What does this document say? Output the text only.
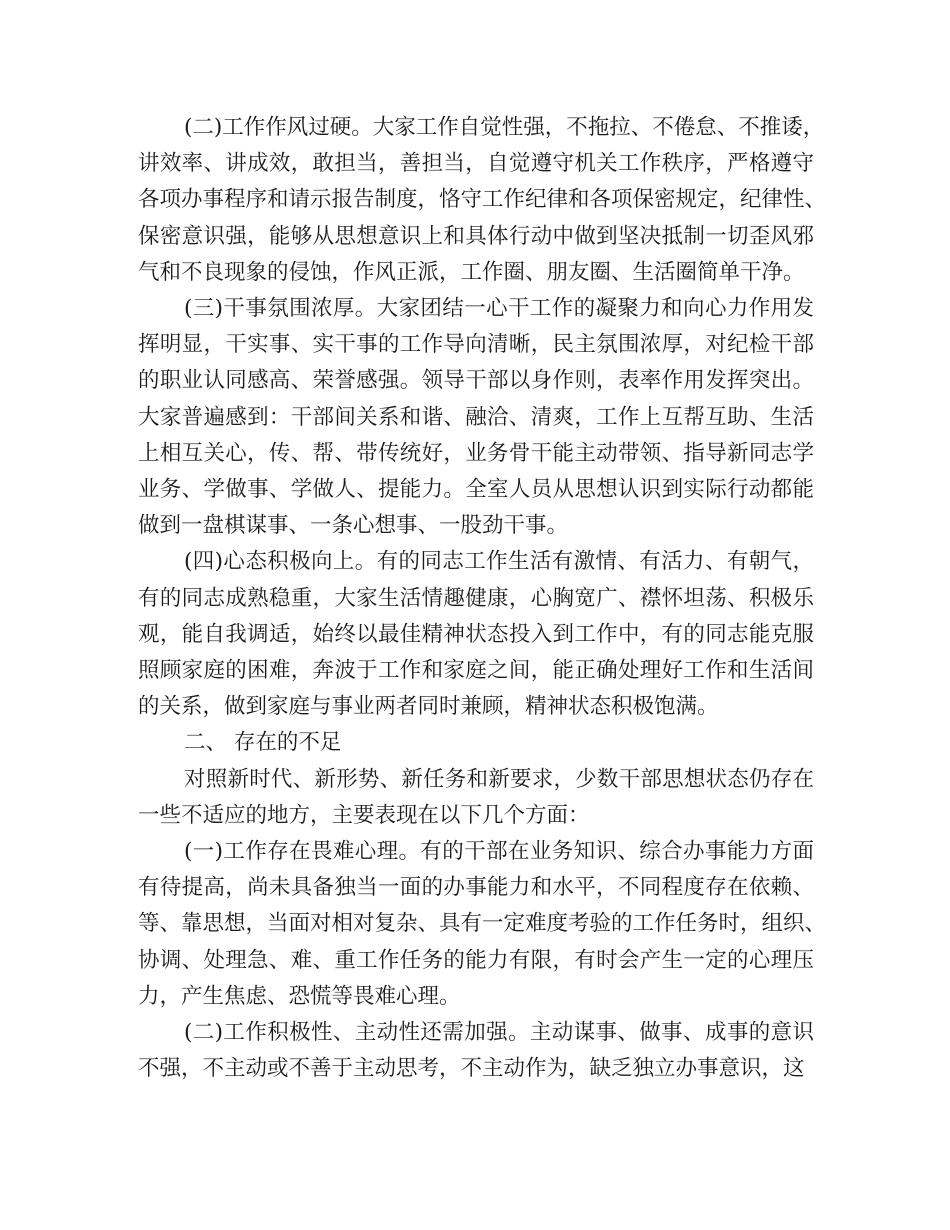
(二)工作作风过硬。大家工作自觉性强，不拖拉、不倦怠、不推诿，
讲效率、讲成效，敢担当，善担当，自觉遵守机关工作秩序，严格遵守
各项办事程序和请示报告制度，恪守工作纪律和各项保密规定，纪律性、
保密意识强，能够从思想意识上和具体行动中做到坚决抵制一切歪风邪
气和不良现象的侵蚀，作风正派，工作圈、朋友圈、生活圈简单干净。
(三)干事氛围浓厚。大家团结一心干工作的凝聚力和向心力作用发
挥明显，干实事、实干事的工作导向清晰，民主氛围浓厚，对纪检干部
的职业认同感高、荣誉感强。领导干部以身作则，表率作用发挥突出。
大家普遍感到：干部间关系和谐、融洽、清爽，工作上互帮互助、生活
上相互关心，传、帮、带传统好，业务骨干能主动带领、指导新同志学
业务、学做事、学做人、提能力。全室人员从思想认识到实际行动都能
做到一盘棋谋事、一条心想事、一股劲干事。
(四)心态积极向上。有的同志工作生活有激情、有活力、有朝气，
有的同志成熟稳重，大家生活情趣健康，心胸宽广、襟怀坦荡、积极乐
观，能自我调适，始终以最佳精神状态投入到工作中，有的同志能克服
照顾家庭的困难，奔波于工作和家庭之间，能正确处理好工作和生活间
的关系，做到家庭与事业两者同时兼顾，精神状态积极饱满。
二、 存在的不足
对照新时代、新形势、新任务和新要求，少数干部思想状态仍存在
一些不适应的地方，主要表现在以下几个方面：
(一)工作存在畏难心理。有的干部在业务知识、综合办事能力方面
有待提高，尚未具备独当一面的办事能力和水平，不同程度存在依赖、
等、靠思想，当面对相对复杂、具有一定难度考验的工作任务时，组织、
协调、处理急、难、重工作任务的能力有限，有时会产生一定的心理压
力，产生焦虑、恐慌等畏难心理。
(二)工作积极性、主动性还需加强。主动谋事、做事、成事的意识
不强，不主动或不善于主动思考，不主动作为，缺乏独立办事意识，这
